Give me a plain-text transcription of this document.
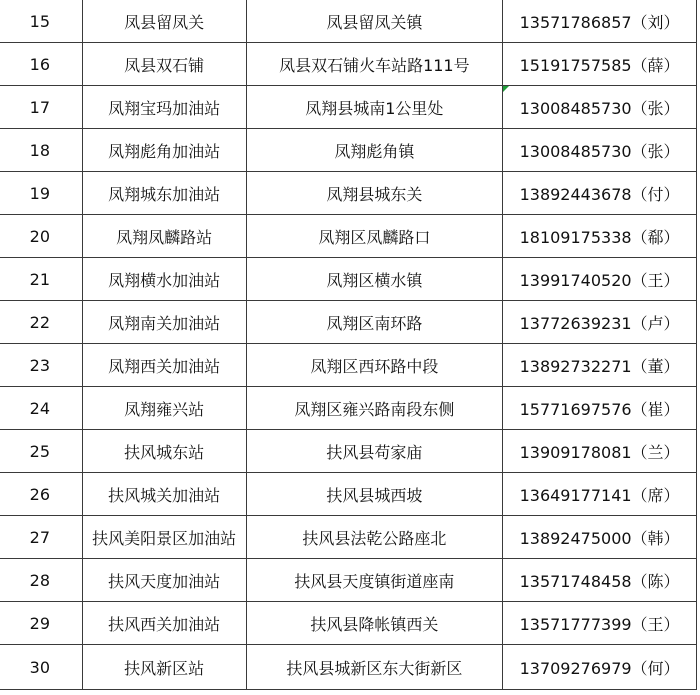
15	凤县留凤关	凤县留凤关镇	13571786857（刘）
16	凤县双石铺	凤县双石铺火车站路111号	15191757585（薛）
17	凤翔宝玛加油站	凤翔县城南1公里处	13008485730（张）
18	凤翔彪角加油站	凤翔彪角镇	13008485730（张）
19	凤翔城东加油站	凤翔县城东关	13892443678（付）
20	凤翔凤麟路站	凤翔区凤麟路口	18109175338（郗）
21	凤翔横水加油站	凤翔区横水镇	13991740520（王）
22	凤翔南关加油站	凤翔区南环路	13772639231（卢）
23	凤翔西关加油站	凤翔区西环路中段	13892732271（董）
24	凤翔雍兴站	凤翔区雍兴路南段东侧	15771697576（崔）
25	扶风城东站	扶风县苟家庙	13909178081（兰）
26	扶风城关加油站	扶风县城西坡	13649177141（席）
27	扶风美阳景区加油站	扶风县法乾公路座北	13892475000（韩）
28	扶风天度加油站	扶风县天度镇街道座南	13571748458（陈）
29	扶风西关加油站	扶风县降帐镇西关	13571777399（王）
30	扶风新区站	扶风县城新区东大街新区	13709276979（何）
